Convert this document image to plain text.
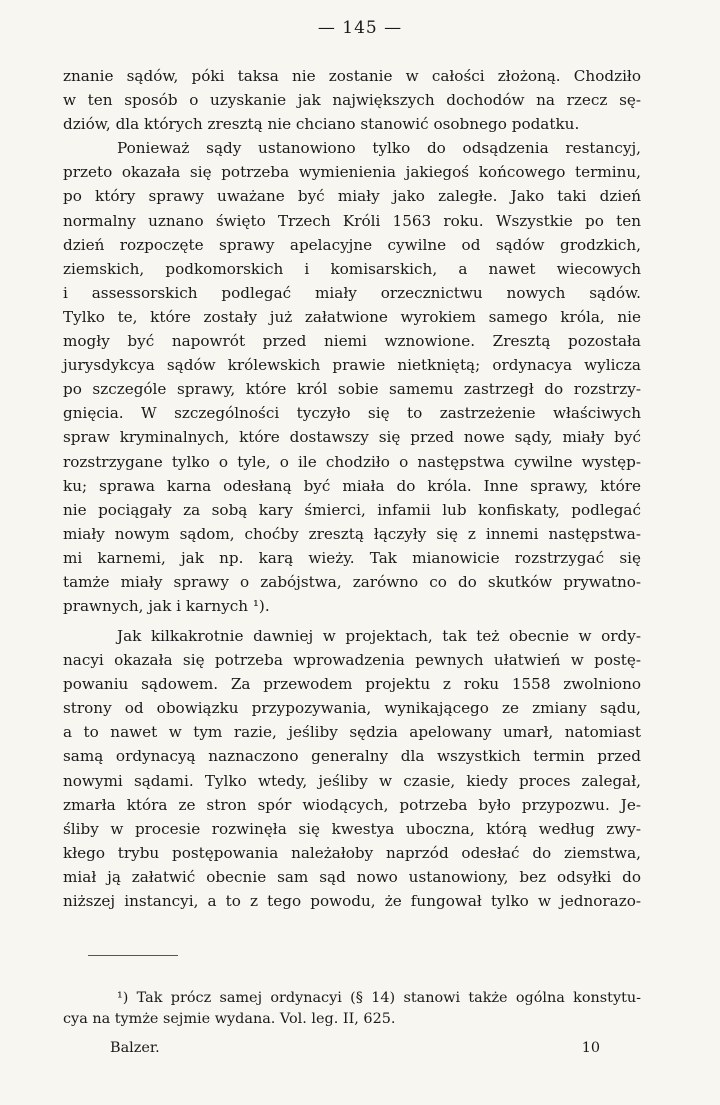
— 145 —
znanie sądów, póki taksa nie zostanie w całości złożoną. Chodziło
w ten sposób o uzyskanie jak największych dochodów na rzecz sę-
dziów, dla których zresztą nie chciano stanowić osobnego podatku.
Ponieważ sądy ustanowiono tylko do odsądzenia restancyj,
przeto okazała się potrzeba wymienienia jakiegoś końcowego terminu,
po który sprawy uważane być miały jako zaległe. Jako taki dzień
normalny uznano święto Trzech Króli 1563 roku. Wszystkie po ten
dzień rozpoczęte sprawy apelacyjne cywilne od sądów grodzkich,
ziemskich, podkomorskich i komisarskich, a nawet wiecowych
i assessorskich podlegać miały orzecznictwu nowych sądów.
Tylko te, które zostały już załatwione wyrokiem samego króla, nie
mogły być napowrót przed niemi wznowione. Zresztą pozostała
jurysdykcya sądów królewskich prawie nietkniętą; ordynacya wylicza
po szczególe sprawy, które król sobie samemu zastrzegł do rozstrzy-
gnięcia. W szczególności tyczyło się to zastrzeżenie właściwych
spraw kryminalnych, które dostawszy się przed nowe sądy, miały być
rozstrzygane tylko o tyle, o ile chodziło o następstwa cywilne występ-
ku; sprawa karna odesłaną być miała do króla. Inne sprawy, które
nie pociągały za sobą kary śmierci, infamii lub konfiskaty, podlegać
miały nowym sądom, choćby zresztą łączyły się z innemi następstwa-
mi karnemi, jak np. karą wieży. Tak mianowicie rozstrzygać się
tamże miały sprawy o zabójstwa, zarówno co do skutków prywatno-
prawnych, jak i karnych ¹).
Jak kilkakrotnie dawniej w projektach, tak też obecnie w ordy-
nacyi okazała się potrzeba wprowadzenia pewnych ułatwień w postę-
powaniu sądowem. Za przewodem projektu z roku 1558 zwolniono
strony od obowiązku przypozywania, wynikającego ze zmiany sądu,
a to nawet w tym razie, jeśliby sędzia apelowany umarł, natomiast
samą ordynacyą naznaczono generalny dla wszystkich termin przed
nowymi sądami. Tylko wtedy, jeśliby w czasie, kiedy proces zalegał,
zmarła która ze stron spór wiodących, potrzeba było przypozwu. Je-
śliby w procesie rozwinęła się kwestya uboczna, którą według zwy-
kłego trybu postępowania należałoby naprzód odesłać do ziemstwa,
miał ją załatwić obecnie sam sąd nowo ustanowiony, bez odsyłki do
niższej instancyi, a to z tego powodu, że fungował tylko w jednorazo-
¹) Tak prócz samej ordynacyi (§ 14) stanowi także ogólna konstytu-
cya na tymże sejmie wydana. Vol. leg. II, 625.
Balzer.	10
